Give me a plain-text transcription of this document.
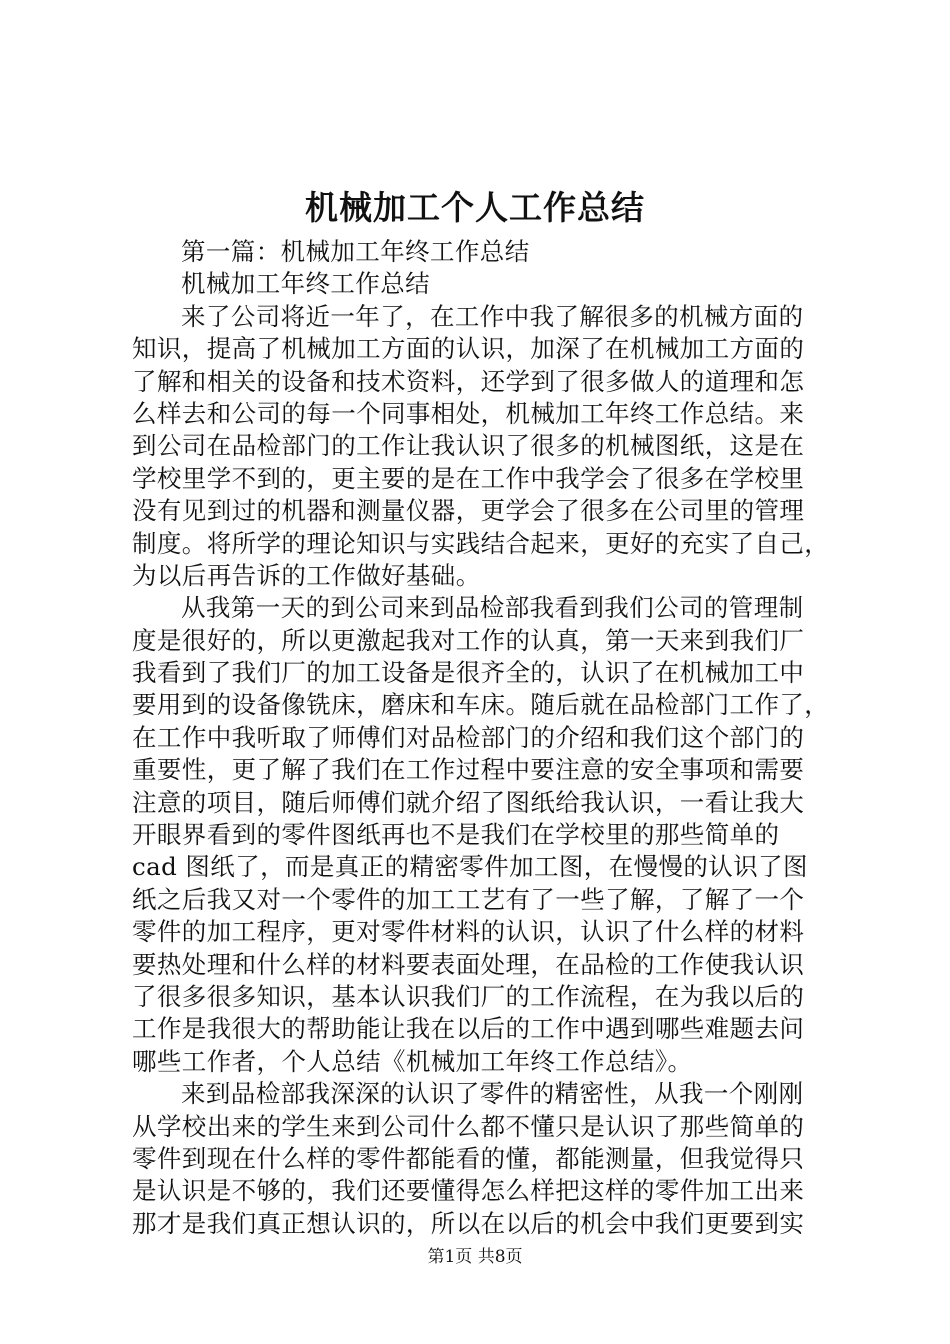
机械加工个人工作总结

第一篇：机械加工年终工作总结

机械加工年终工作总结

来了公司将近一年了，在工作中我了解很多的机械方面的

知识，提高了机械加工方面的认识，加深了在机械加工方面的

了解和相关的设备和技术资料，还学到了很多做人的道理和怎

么样去和公司的每一个同事相处，机械加工年终工作总结。来

到公司在品检部门的工作让我认识了很多的机械图纸，这是在

学校里学不到的，更主要的是在工作中我学会了很多在学校里

没有见到过的机器和测量仪器，更学会了很多在公司里的管理

制度。将所学的理论知识与实践结合起来，更好的充实了自己，

为以后再告诉的工作做好基础。

从我第一天的到公司来到品检部我看到我们公司的管理制

度是很好的，所以更激起我对工作的认真，第一天来到我们厂

我看到了我们厂的加工设备是很齐全的，认识了在机械加工中

要用到的设备像铣床，磨床和车床。随后就在品检部门工作了，

在工作中我听取了师傅们对品检部门的介绍和我们这个部门的

重要性，更了解了我们在工作过程中要注意的安全事项和需要

注意的项目，随后师傅们就介绍了图纸给我认识，一看让我大

开眼界看到的零件图纸再也不是我们在学校里的那些简单的

cad 图纸了，而是真正的精密零件加工图，在慢慢的认识了图

纸之后我又对一个零件的加工工艺有了一些了解，了解了一个

零件的加工程序，更对零件材料的认识，认识了什么样的材料

要热处理和什么样的材料要表面处理，在品检的工作使我认识

了很多很多知识，基本认识我们厂的工作流程，在为我以后的

工作是我很大的帮助能让我在以后的工作中遇到哪些难题去问

哪些工作者，个人总结《机械加工年终工作总结》。

来到品检部我深深的认识了零件的精密性，从我一个刚刚

从学校出来的学生来到公司什么都不懂只是认识了那些简单的

零件到现在什么样的零件都能看的懂，都能测量，但我觉得只

是认识是不够的，我们还要懂得怎么样把这样的零件加工出来

那才是我们真正想认识的，所以在以后的机会中我们更要到实

第1页 共8页
